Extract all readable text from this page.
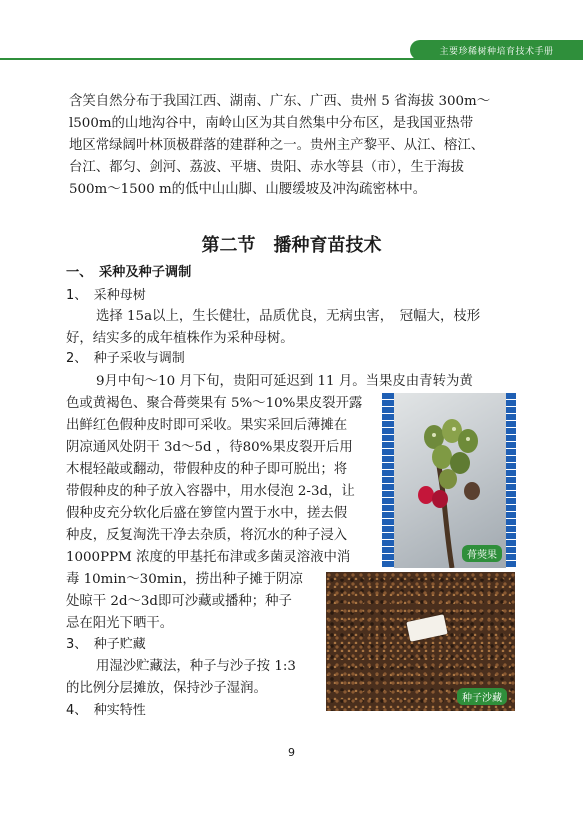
主要珍稀树种培育技术手册
含笑自然分布于我国江西、湖南、广东、广西、贵州 5 省海拔 300m～
l500m的山地沟谷中，南岭山区为其自然集中分布区，是我国亚热带
地区常绿阔叶林顶极群落的建群种之一。贵州主产黎平、从江、榕江、
台江、都匀、剑河、荔波、平塘、贵阳、赤水等县（市），生于海拔
500m～1500 m的低中山山脚、山腰缓坡及冲沟疏密林中。
第二节　播种育苗技术
一、　采种及种子调制
1、　采种母树
选择 15a以上，生长健壮，品质优良，无病虫害，　冠幅大，枝形
好，结实多的成年植株作为采种母树。
2、　种子采收与调制
9月中旬～10 月下旬，贵阳可延迟到 11 月。当果皮由青转为黄
色或黄褐色、聚合蓇葖果有 5%～10%果皮裂开露
出鲜红色假种皮时即可采收。果实采回后薄摊在
阴凉通风处阴干 3d～5d ，待80%果皮裂开后用
木棍轻敲或翻动，带假种皮的种子即可脱出；将
带假种皮的种子放入容器中，用水侵泡 2-3d，让
假种皮充分软化后盛在箩筐内置于水中，搓去假
种皮，反复淘洗干净去杂质，将沉水的种子浸入
1000PPM 浓度的甲基托布津或多菌灵溶液中消
毒 10min～30min，捞出种子摊于阴凉
处晾干 2d～3d即可沙藏或播种；种子
忌在阳光下晒干。
3、　种子贮藏
用湿沙贮藏法，种子与沙子按 1:3
的比例分层摊放，保持沙子湿润。
4、　种实特性
蓇葖果
种子沙藏
9
